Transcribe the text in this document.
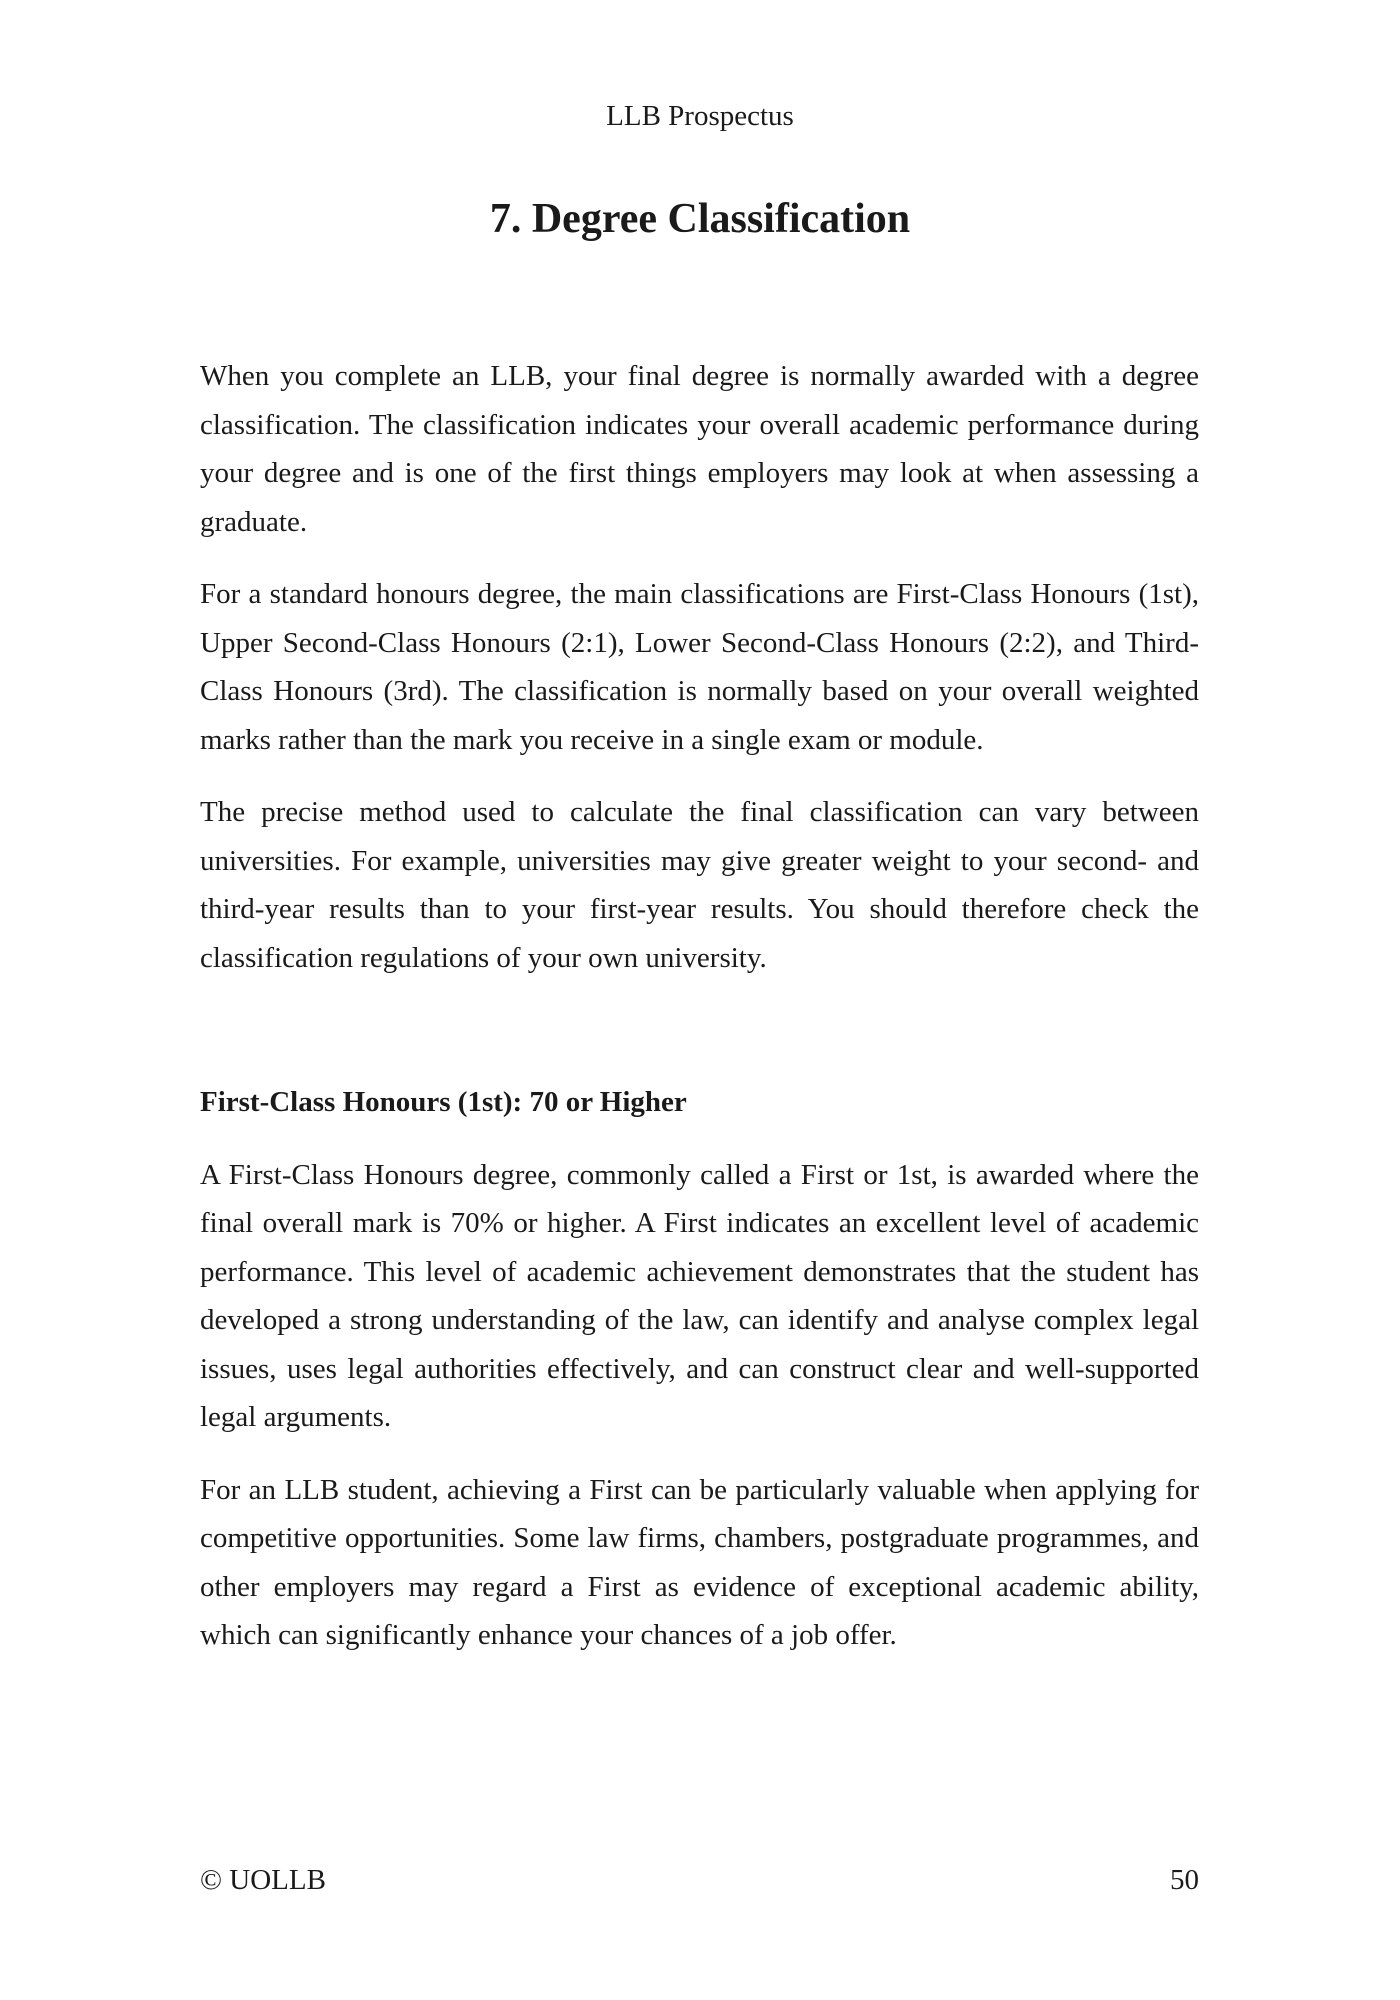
LLB Prospectus
7. Degree Classification

When you complete an LLB, your final degree is normally awarded with a degree classification. The classification indicates your overall academic performance during your degree and is one of the first things employers may look at when assessing a graduate.

For a standard honours degree, the main classifications are First-Class Honours (1st), Upper Second-Class Honours (2:1), Lower Second-Class Honours (2:2), and Third-Class Honours (3rd). The classification is normally based on your overall weighted marks rather than the mark you receive in a single exam or module.

The precise method used to calculate the final classification can vary between universities. For example, universities may give greater weight to your second- and third-year results than to your first-year results. You should therefore check the classification regulations of your own university.

First-Class Honours (1st): 70 or Higher

A First-Class Honours degree, commonly called a First or 1st, is awarded where the final overall mark is 70% or higher. A First indicates an excellent level of academic performance. This level of academic achievement demonstrates that the student has developed a strong understanding of the law, can identify and analyse complex legal issues, uses legal authorities effectively, and can construct clear and well-supported legal arguments.

For an LLB student, achieving a First can be particularly valuable when applying for competitive opportunities. Some law firms, chambers, postgraduate programmes, and other employers may regard a First as evidence of exceptional academic ability, which can significantly enhance your chances of a job offer.

© UOLLB	50
